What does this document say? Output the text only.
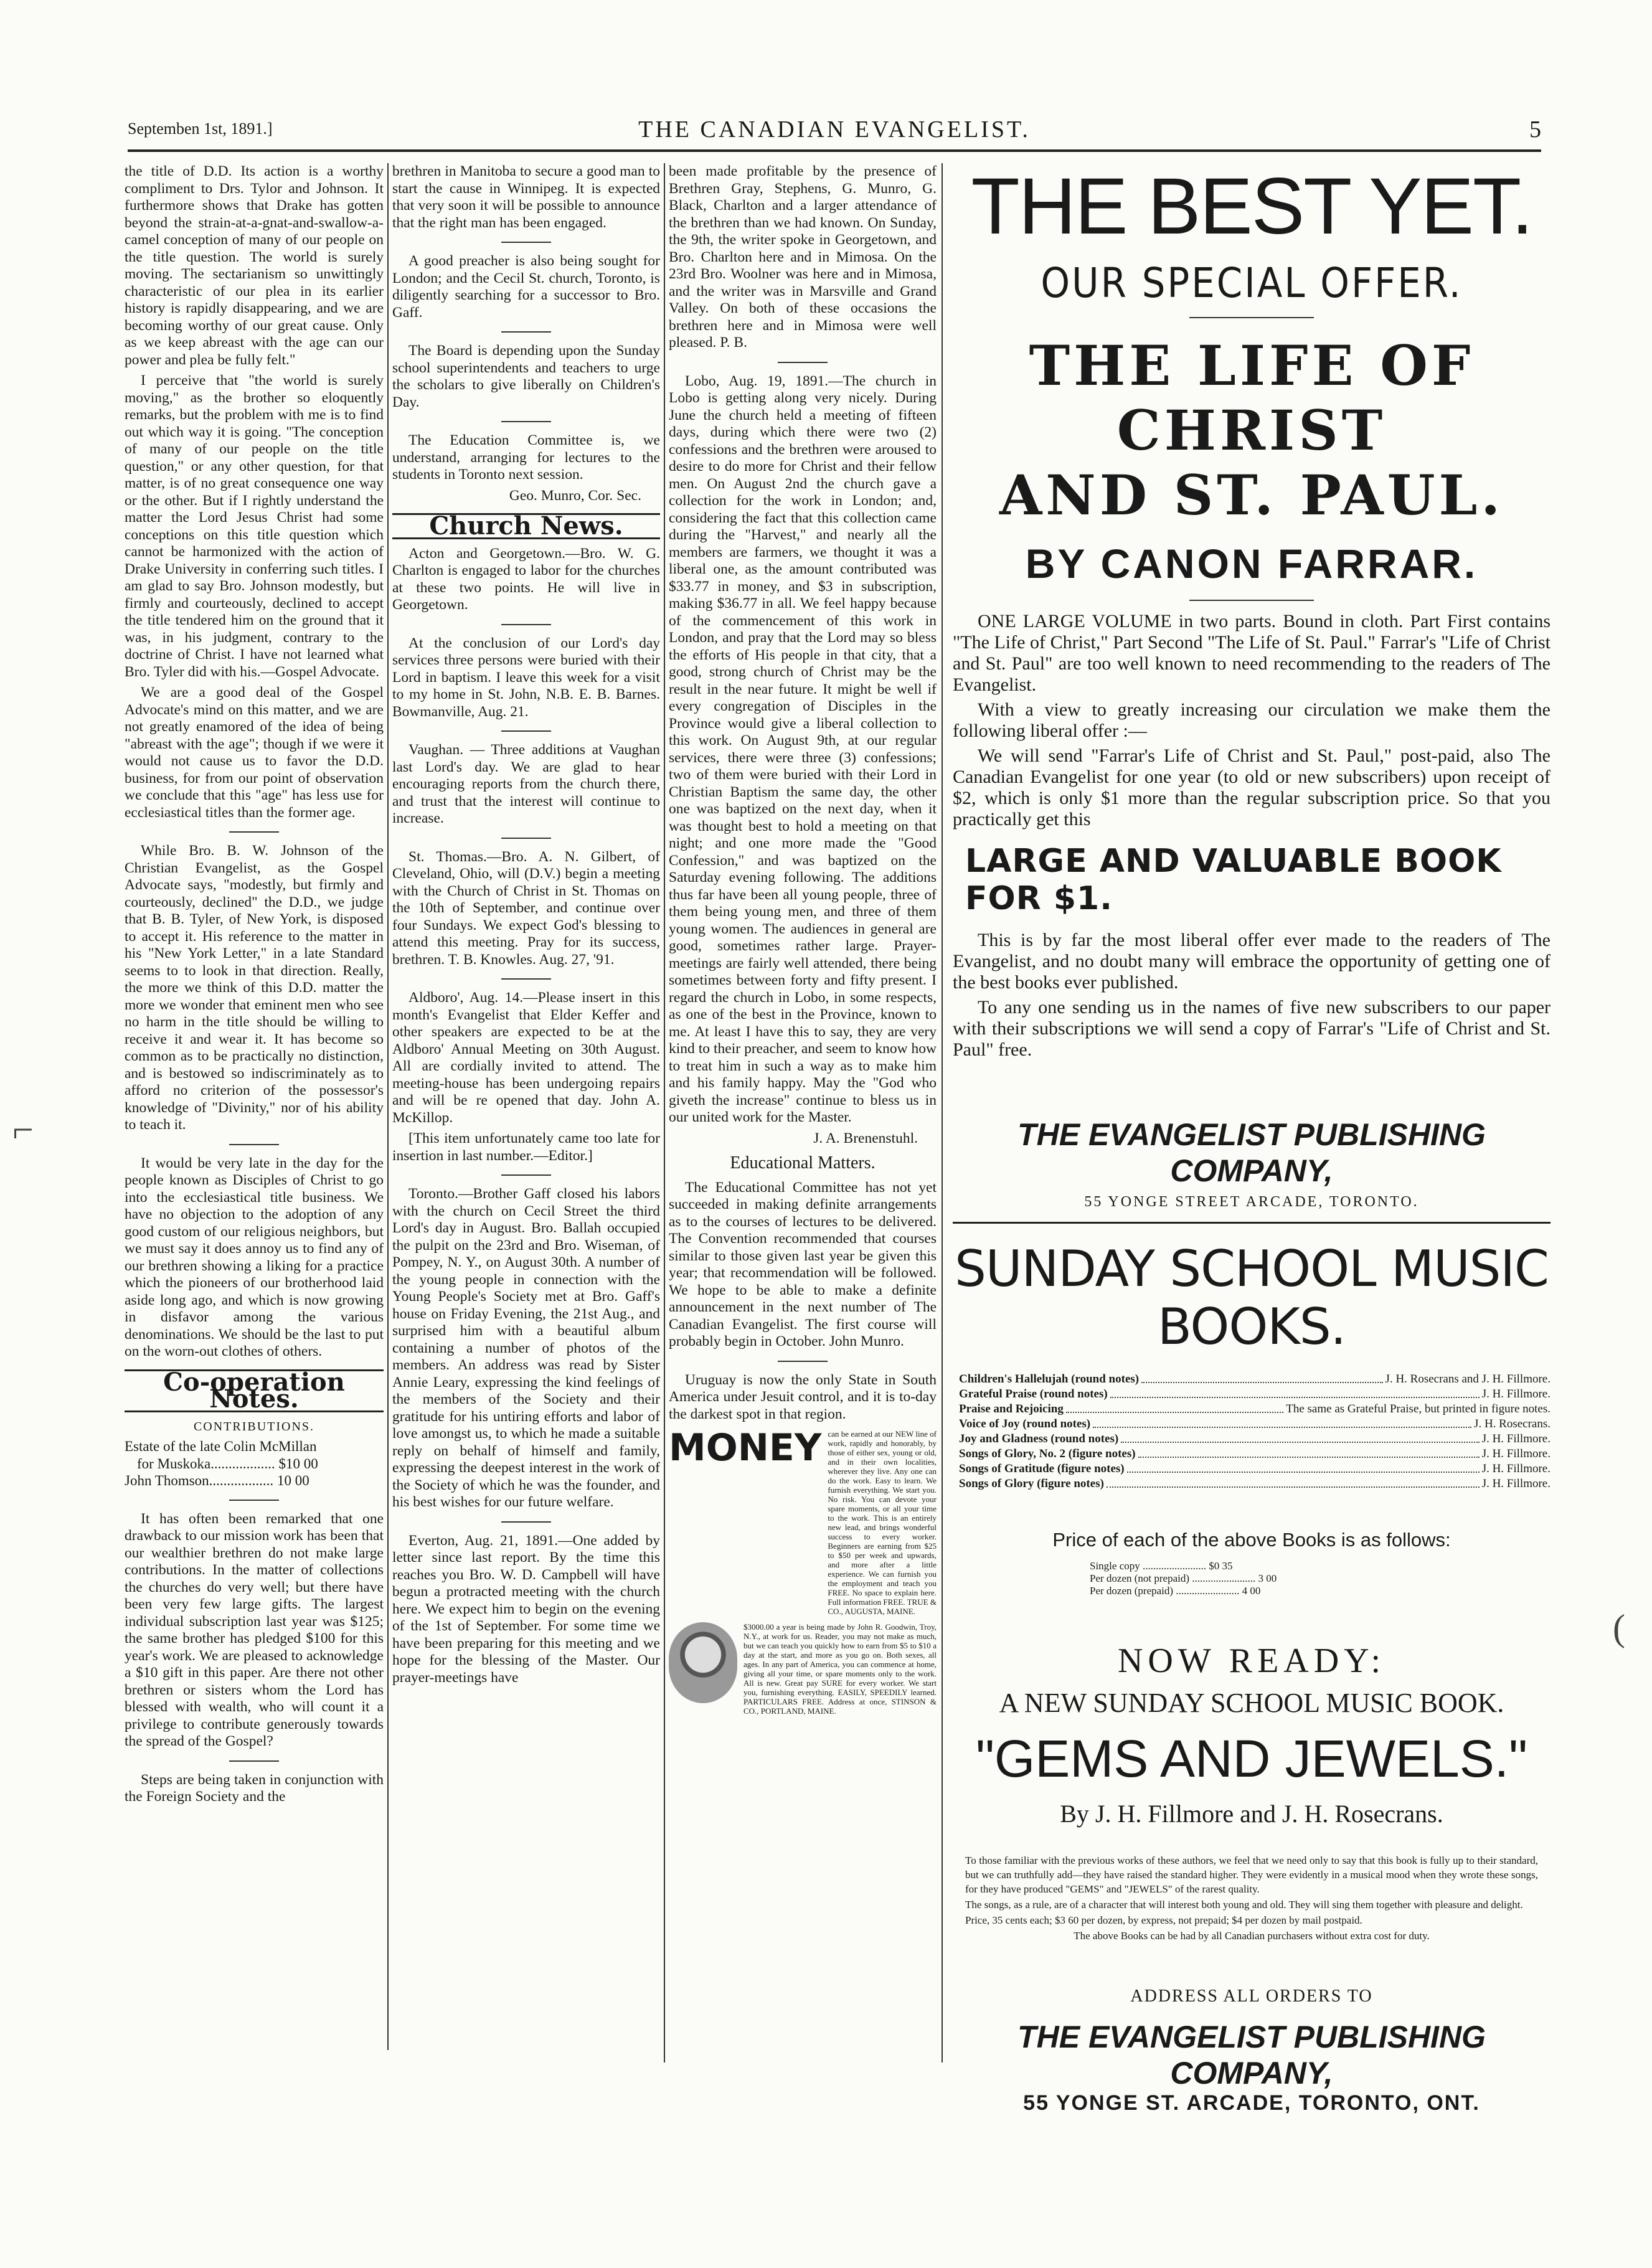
Septemben 1st, 1891.]	THE CANADIAN EVANGELIST.	5

the title of D.D. Its action is a worthy compliment to Drs. Tylor and Johnson. It furthermore shows that Drake has gotten beyond the strain-at-a-gnat-and-swallow-a-camel conception of many of our people on the title question. The world is surely moving. The sectarianism so unwittingly characteristic of our plea in its earlier history is rapidly disappearing, and we are becoming worthy of our great cause. Only as we keep abreast with the age can our power and plea be fully felt."

I perceive that "the world is surely moving," as the brother so eloquently remarks, but the problem with me is to find out which way it is going. "The conception of many of our people on the title question," or any other question, for that matter, is of no great consequence one way or the other. But if I rightly understand the matter the Lord Jesus Christ had some conceptions on this title question which cannot be harmonized with the action of Drake University in conferring such titles. I am glad to say Bro. Johnson modestly, but firmly and courteously, declined to accept the title tendered him on the ground that it was, in his judgment, contrary to the doctrine of Christ. I have not learned what Bro. Tyler did with his.—Gospel Advocate.

We are a good deal of the Gospel Advocate's mind on this matter, and we are not greatly enamored of the idea of being "abreast with the age"; though if we were it would not cause us to favor the D.D. business, for from our point of observation we conclude that this "age" has less use for ecclesiastical titles than the former age.

While Bro. B. W. Johnson of the Christian Evangelist, as the Gospel Advocate says, "modestly, but firmly and courteously, declined" the D.D., we judge that B. B. Tyler, of New York, is disposed to accept it. His reference to the matter in his "New York Letter," in a late Standard seems to to look in that direction. Really, the more we think of this D.D. matter the more we wonder that eminent men who see no harm in the title should be willing to receive it and wear it. It has become so common as to be practically no distinction, and is bestowed so indiscriminately as to afford no criterion of the possessor's knowledge of "Divinity," nor of his ability to teach it.

It would be very late in the day for the people known as Disciples of Christ to go into the ecclesiastical title business. We have no objection to the adoption of any good custom of our religious neighbors, but we must say it does annoy us to find any of our brethren showing a liking for a practice which the pioneers of our brotherhood laid aside long ago, and which is now growing in disfavor among the various denominations. We should be the last to put on the worn-out clothes of others.

Co-operation Notes.
CONTRIBUTIONS.
Estate of the late Colin McMillan
for Muskoka.................. $10 00
John Thomson.................. 10 00

It has often been remarked that one drawback to our mission work has been that our wealthier brethren do not make large contributions. In the matter of collections the churches do very well; but there have been very few large gifts. The largest individual subscription last year was $125; the same brother has pledged $100 for this year's work. We are pleased to acknowledge a $10 gift in this paper. Are there not other brethren or sisters whom the Lord has blessed with wealth, who will count it a privilege to contribute generously towards the spread of the Gospel?

Steps are being taken in conjunction with the Foreign Society and the

brethren in Manitoba to secure a good man to start the cause in Winnipeg. It is expected that very soon it will be possible to announce that the right man has been engaged.

A good preacher is also being sought for London; and the Cecil St. church, Toronto, is diligently searching for a successor to Bro. Gaff.

The Board is depending upon the Sunday school superintendents and teachers to urge the scholars to give liberally on Children's Day.

The Education Committee is, we understand, arranging for lectures to the students in Toronto next session.

Geo. Munro, Cor. Sec.
Church News.

Acton and Georgetown.—Bro. W. G. Charlton is engaged to labor for the churches at these two points. He will live in Georgetown.

At the conclusion of our Lord's day services three persons were buried with their Lord in baptism. I leave this week for a visit to my home in St. John, N.B. E. B. Barnes. Bowmanville, Aug. 21.

Vaughan. — Three additions at Vaughan last Lord's day. We are glad to hear encouraging reports from the church there, and trust that the interest will continue to increase.

St. Thomas.—Bro. A. N. Gilbert, of Cleveland, Ohio, will (D.V.) begin a meeting with the Church of Christ in St. Thomas on the 10th of September, and continue over four Sundays. We expect God's blessing to attend this meeting. Pray for its success, brethren. T. B. Knowles. Aug. 27, '91.

Aldboro', Aug. 14.—Please insert in this month's Evangelist that Elder Keffer and other speakers are expected to be at the Aldboro' Annual Meeting on 30th August. All are cordially invited to attend. The meeting-house has been undergoing repairs and will be re opened that day. John A. McKillop.

[This item unfortunately came too late for insertion in last number.—Editor.]

Toronto.—Brother Gaff closed his labors with the church on Cecil Street the third Lord's day in August. Bro. Ballah occupied the pulpit on the 23rd and Bro. Wiseman, of Pompey, N. Y., on August 30th. A number of the young people in connection with the Young People's Society met at Bro. Gaff's house on Friday Evening, the 21st Aug., and surprised him with a beautiful album containing a number of photos of the members. An address was read by Sister Annie Leary, expressing the kind feelings of the members of the Society and their gratitude for his untiring efforts and labor of love amongst us, to which he made a suitable reply on behalf of himself and family, expressing the deepest interest in the work of the Society of which he was the founder, and his best wishes for our future welfare.

Everton, Aug. 21, 1891.—One added by letter since last report. By the time this reaches you Bro. W. D. Campbell will have begun a protracted meeting with the church here. We expect him to begin on the evening of the 1st of September. For some time we have been preparing for this meeting and we hope for the blessing of the Master. Our prayer-meetings have

been made profitable by the presence of Brethren Gray, Stephens, G. Munro, G. Black, Charlton and a larger attendance of the brethren than we had known. On Sunday, the 9th, the writer spoke in Georgetown, and Bro. Charlton here and in Mimosa. On the 23rd Bro. Woolner was here and in Mimosa, and the writer was in Marsville and Grand Valley. On both of these occasions the brethren here and in Mimosa were well pleased. P. B.

Lobo, Aug. 19, 1891.—The church in Lobo is getting along very nicely. During June the church held a meeting of fifteen days, during which there were two (2) confessions and the brethren were aroused to desire to do more for Christ and their fellow men. On August 2nd the church gave a collection for the work in London; and, considering the fact that this collection came during the "Harvest," and nearly all the members are farmers, we thought it was a liberal one, as the amount contributed was $33.77 in money, and $3 in subscription, making $36.77 in all. We feel happy because of the commencement of this work in London, and pray that the Lord may so bless the efforts of His people in that city, that a good, strong church of Christ may be the result in the near future. It might be well if every congregation of Disciples in the Province would give a liberal collection to this work. On August 9th, at our regular services, there were three (3) confessions; two of them were buried with their Lord in Christian Baptism the same day, the other one was baptized on the next day, when it was thought best to hold a meeting on that night; and one more made the "Good Confession," and was baptized on the Saturday evening following. The additions thus far have been all young people, three of them being young men, and three of them young women. The audiences in general are good, sometimes rather large. Prayer-meetings are fairly well attended, there being sometimes between forty and fifty present. I regard the church in Lobo, in some respects, as one of the best in the Province, known to me. At least I have this to say, they are very kind to their preacher, and seem to know how to treat him in such a way as to make him and his family happy. May the "God who giveth the increase" continue to bless us in our united work for the Master.

J. A. Brenenstuhl.
Educational Matters.

The Educational Committee has not yet succeeded in making definite arrangements as to the courses of lectures to be delivered. The Convention recommended that courses similar to those given last year be given this year; that recommendation will be followed. We hope to be able to make a definite announcement in the next number of The Canadian Evangelist. The first course will probably begin in October. John Munro.

Uruguay is now the only State in South America under Jesuit control, and it is to-day the darkest spot in that region.

MONEY can be earned at our NEW line of work, rapidly and honorably, by those of either sex, young or old, and in their own localities, wherever they live. Any one can do the work. Easy to learn. We furnish everything. We start you. No risk. You can devote your spare moments, or all your time to the work. This is an entirely new lead, and brings wonderful success to every worker. Beginners are earning from $25 to $50 per week and upwards, and more after a little experience. We can furnish you the employment and teach you FREE. No space to explain here. Full information FREE. TRUE & CO., AUGUSTA, MAINE.
$3000.00 a year is being made by John R. Goodwin, Troy, N.Y., at work for us. Reader, you may not make as much, but we can teach you quickly how to earn from $5 to $10 a day at the start, and more as you go on. Both sexes, all ages. In any part of America, you can commence at home, giving all your time, or spare moments only to the work. All is new. Great pay SURE for every worker. We start you, furnishing everything. EASILY, SPEEDILY learned. PARTICULARS FREE. Address at once, STINSON & CO., PORTLAND, MAINE.
THE BEST YET.
OUR SPECIAL OFFER.
THE LIFE OF CHRIST
AND ST. PAUL.
BY CANON FARRAR.

ONE LARGE VOLUME in two parts. Bound in cloth. Part First contains "The Life of Christ," Part Second "The Life of St. Paul." Farrar's "Life of Christ and St. Paul" are too well known to need recommending to the readers of The Evangelist.

With a view to greatly increasing our circulation we make them the following liberal offer :—

We will send "Farrar's Life of Christ and St. Paul," post-paid, also The Canadian Evangelist for one year (to old or new subscribers) upon receipt of $2, which is only $1 more than the regular subscription price. So that you practically get this

LARGE AND VALUABLE BOOK FOR $1.

This is by far the most liberal offer ever made to the readers of The Evangelist, and no doubt many will embrace the opportunity of getting one of the best books ever published.

To any one sending us in the names of five new subscribers to our paper with their subscriptions we will send a copy of Farrar's "Life of Christ and St. Paul" free.

THE EVANGELIST PUBLISHING COMPANY,
55 YONGE STREET ARCADE, TORONTO.
SUNDAY SCHOOL MUSIC BOOKS.
Children's Hallelujah (round notes)	J. H. Rosecrans and J. H. Fillmore.
Grateful Praise (round notes)	J. H. Fillmore.
Praise and Rejoicing	The same as Grateful Praise, but printed in figure notes.
Voice of Joy (round notes)	J. H. Rosecrans.
Joy and Gladness (round notes)	J. H. Fillmore.
Songs of Glory, No. 2 (figure notes)	J. H. Fillmore.
Songs of Gratitude (figure notes)	J. H. Fillmore.
Songs of Glory (figure notes)	J. H. Fillmore.
Price of each of the above Books is as follows:
Single copy ........................ $0 35
Per dozen (not prepaid) ........................ 3 00
Per dozen (prepaid) ........................ 4 00
NOW READY:
A NEW SUNDAY SCHOOL MUSIC BOOK.
"GEMS AND JEWELS."
By J. H. Fillmore and J. H. Rosecrans.

To those familiar with the previous works of these authors, we feel that we need only to say that this book is fully up to their standard, but we can truthfully add—they have raised the standard higher. They were evidently in a musical mood when they wrote these songs, for they have produced "GEMS" and "JEWELS" of the rarest quality.

The songs, as a rule, are of a character that will interest both young and old. They will sing them together with pleasure and delight.

Price, 35 cents each; $3 60 per dozen, by express, not prepaid; $4 per dozen by mail postpaid.

The above Books can be had by all Canadian purchasers without extra cost for duty.

ADDRESS ALL ORDERS TO
THE EVANGELIST PUBLISHING COMPANY,
55 YONGE ST. ARCADE, TORONTO, ONT.
⌐
(
